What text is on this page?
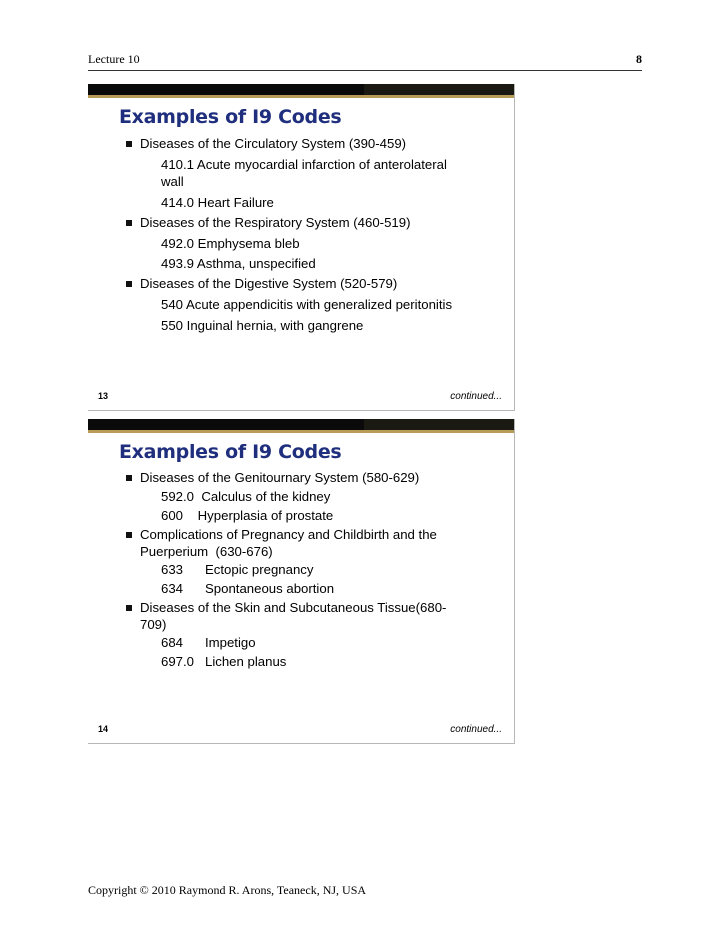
Lecture 10	8
Examples of I9 Codes
Diseases of the Circulatory System (390-459)
410.1 Acute myocardial infarction of anterolateral
wall
414.0 Heart Failure
Diseases of the Respiratory System (460-519)
492.0 Emphysema bleb
493.9 Asthma, unspecified
Diseases of the Digestive System (520-579)
540 Acute appendicitis with generalized peritonitis
550 Inguinal hernia, with gangrene
13	continued...
Examples of I9 Codes
Diseases of the Genitournary System (580-629)
592.0  Calculus of the kidney
600    Hyperplasia of prostate
Complications of Pregnancy and Childbirth and the
Puerperium  (630-676)
633      Ectopic pregnancy
634      Spontaneous abortion
Diseases of the Skin and Subcutaneous Tissue(680-
709)
684      Impetigo
697.0   Lichen planus
14	continued...
Copyright © 2010 Raymond R. Arons, Teaneck, NJ, USA
